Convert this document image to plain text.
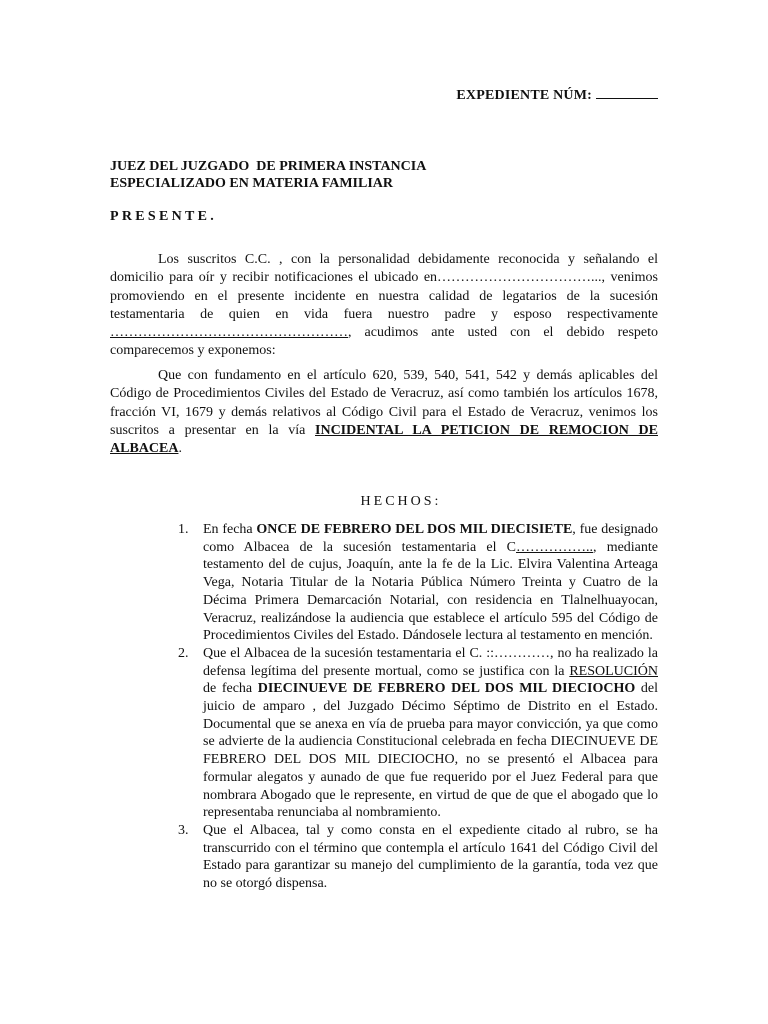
EXPEDIENTE NÚM:
JUEZ DEL JUZGADO  DE PRIMERA INSTANCIA
ESPECIALIZADO EN MATERIA FAMILIAR
PRESENTE.
Los suscritos C.C. , con la personalidad debidamente reconocida y señalando el domicilio para oír y recibir notificaciones el ubicado en……………………………..., venimos promoviendo en el presente incidente en nuestra calidad de legatarios de la sucesión testamentaria de quien en vida fuera nuestro padre y esposo respectivamente ……………………………………………, acudimos ante usted con el debido respeto comparecemos y exponemos:
Que con fundamento en el artículo 620, 539, 540, 541, 542 y demás aplicables del Código de Procedimientos Civiles del Estado de Veracruz, así como también los artículos 1678, fracción VI, 1679 y demás relativos al Código Civil para el Estado de Veracruz, venimos los suscritos a presentar en la vía INCIDENTAL LA PETICION DE REMOCION DE ALBACEA.
HECHOS:
1. En fecha ONCE DE FEBRERO DEL DOS MIL DIECISIETE, fue designado como Albacea de la sucesión testamentaria el C…………….., mediante testamento del de cujus, Joaquín, ante la fe de la Lic. Elvira Valentina Arteaga Vega, Notaria Titular de la Notaria Pública Número Treinta y Cuatro de la Décima Primera Demarcación Notarial, con residencia en Tlalnelhuayocan, Veracruz, realizándose la audiencia que establece el artículo 595 del Código de Procedimientos Civiles del Estado. Dándosele lectura al testamento en mención.
2. Que el Albacea de la sucesión testamentaria el C. ::…………, no ha realizado la defensa legítima del presente mortual, como se justifica con la RESOLUCIÓN de fecha DIECINUEVE DE FEBRERO DEL DOS MIL DIECIOCHO del juicio de amparo , del Juzgado Décimo Séptimo de Distrito en el Estado. Documental que se anexa en vía de prueba para mayor convicción, ya que como se advierte de la audiencia Constitucional celebrada en fecha DIECINUEVE DE FEBRERO DEL DOS MIL DIECIOCHO, no se presentó el Albacea para formular alegatos y aunado de que fue requerido por el Juez Federal para que nombrara Abogado que le represente, en virtud de que de que el abogado que lo representaba renunciaba al nombramiento.
3. Que el Albacea, tal y como consta en el expediente citado al rubro, se ha transcurrido con el término que contempla el artículo 1641 del Código Civil del Estado para garantizar su manejo del cumplimiento de la garantía, toda vez que no se otorgó dispensa.
